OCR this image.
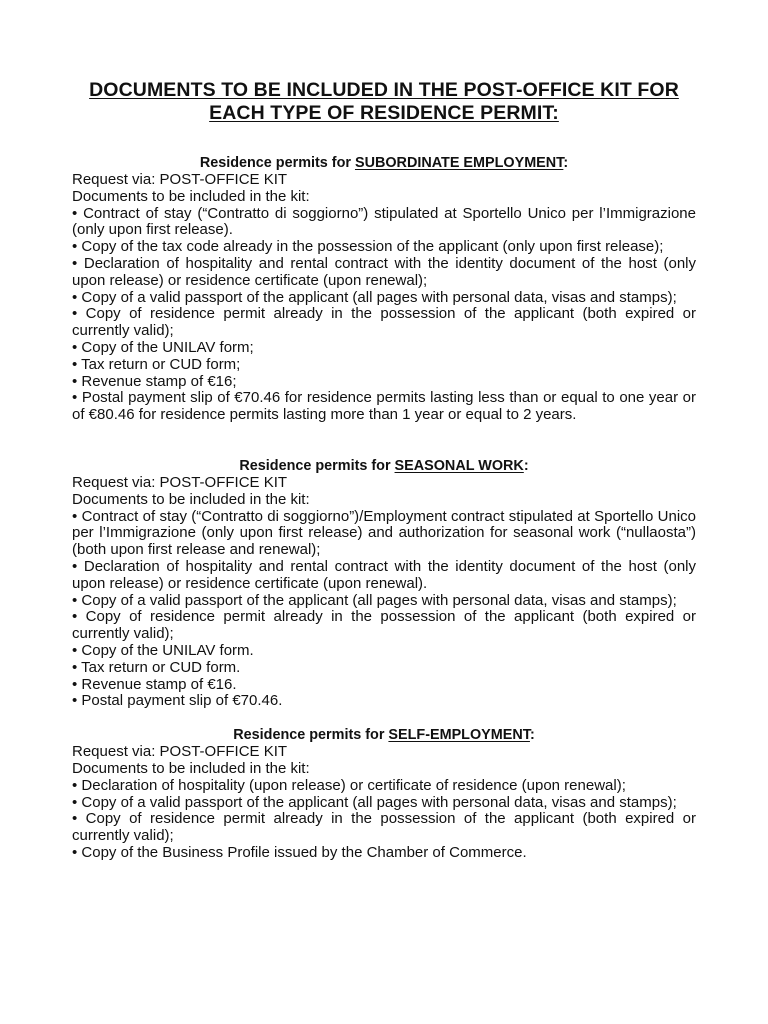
DOCUMENTS TO BE INCLUDED IN THE POST-OFFICE KIT FOR EACH TYPE OF RESIDENCE PERMIT:
Residence permits for SUBORDINATE EMPLOYMENT:

Request via: POST-OFFICE KIT

Documents to be included in the kit:

• Contract of stay (“Contratto di soggiorno”) stipulated at Sportello Unico per l’Immigrazione (only upon first release).
• Copy of the tax code already in the possession of the applicant (only upon first release);
• Declaration of hospitality and rental contract with the identity document of the host (only upon release) or residence certificate (upon renewal);
• Copy of a valid passport of the applicant (all pages with personal data, visas and stamps);
• Copy of residence permit already in the possession of the applicant (both expired or currently valid);
• Copy of the UNILAV form;
• Tax return or CUD form;
• Revenue stamp of €16;
• Postal payment slip of €70.46 for residence permits lasting less than or equal to one year or of €80.46 for residence permits lasting more than 1 year or equal to 2 years.
Residence permits for SEASONAL WORK:

Request via: POST-OFFICE KIT

Documents to be included in the kit:

• Contract of stay (“Contratto di soggiorno”)/Employment contract stipulated at Sportello Unico per l’Immigrazione (only upon first release) and authorization for seasonal work (“nullaosta”) (both upon first release and renewal);
• Declaration of hospitality and rental contract with the identity document of the host (only upon release) or residence certificate (upon renewal).
• Copy of a valid passport of the applicant (all pages with personal data, visas and stamps);
• Copy of residence permit already in the possession of the applicant (both expired or currently valid);
• Copy of the UNILAV form.
• Tax return or CUD form.
• Revenue stamp of €16.
• Postal payment slip of €70.46.
Residence permits for SELF-EMPLOYMENT:

Request via: POST-OFFICE KIT

Documents to be included in the kit:

• Declaration of hospitality (upon release) or certificate of residence (upon renewal);
• Copy of a valid passport of the applicant (all pages with personal data, visas and stamps);
• Copy of residence permit already in the possession of the applicant (both expired or currently valid);
• Copy of the Business Profile issued by the Chamber of Commerce.
